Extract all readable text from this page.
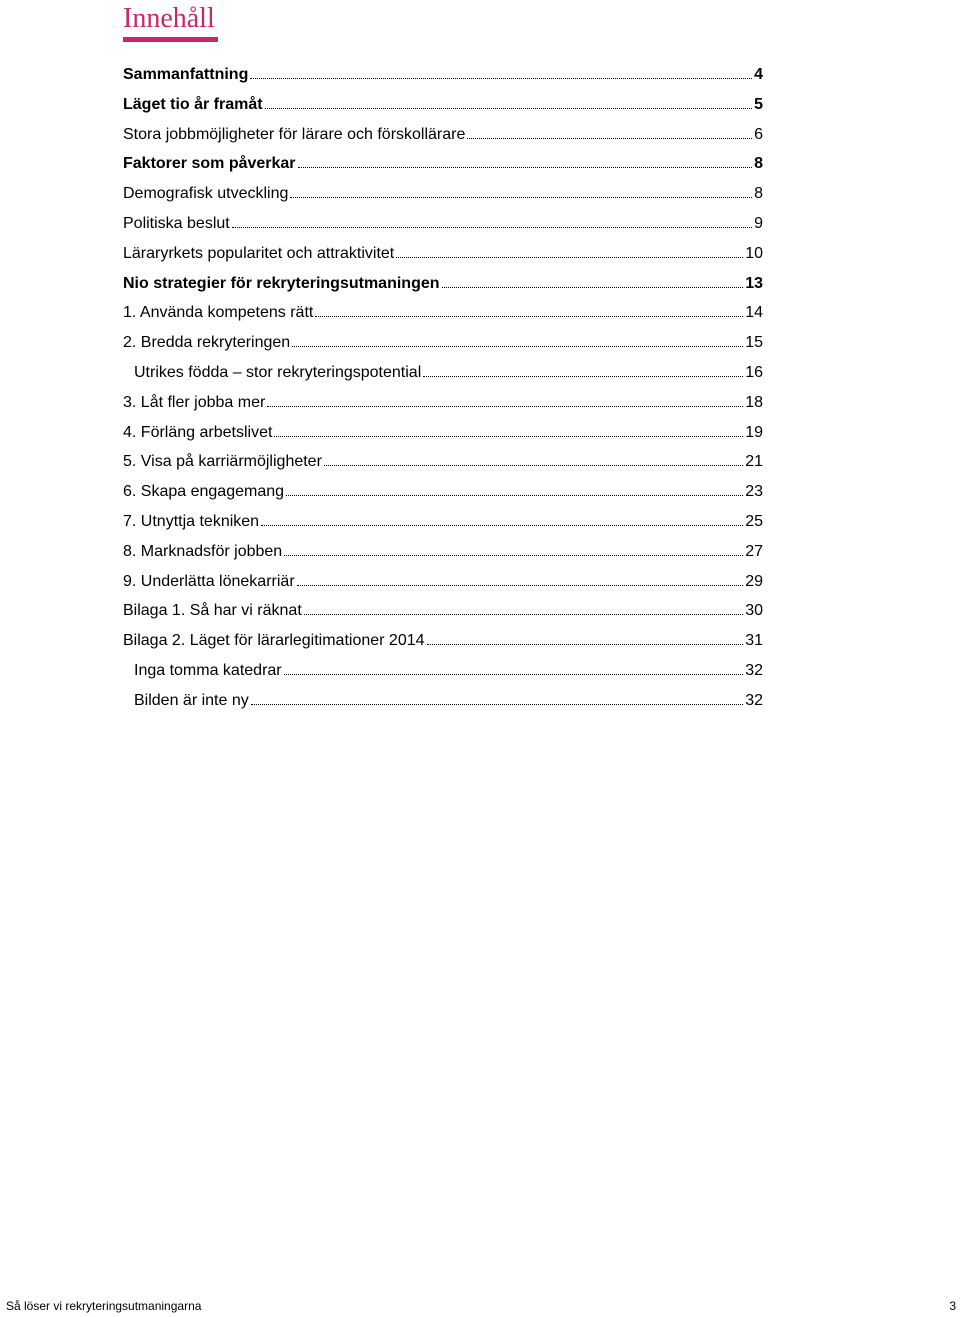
Innehåll
Sammanfattning	4
Läget tio år framåt	5
Stora jobbmöjligheter för lärare och förskollärare	6
Faktorer som påverkar	8
Demografisk utveckling	8
Politiska beslut	9
Läraryrkets popularitet och attraktivitet	10
Nio strategier för rekryteringsutmaningen	13
1. Använda kompetens rätt	14
2. Bredda rekryteringen	15
Utrikes födda – stor rekryteringspotential	16
3. Låt fler jobba mer	18
4. Förläng arbetslivet	19
5. Visa på karriärmöjligheter	21
6. Skapa engagemang	23
7. Utnyttja tekniken	25
8. Marknadsför jobben	27
9. Underlätta lönekarriär	29
Bilaga 1. Så har vi räknat	30
Bilaga 2. Läget för lärarlegitimationer 2014	31
Inga tomma katedrar	32
Bilden är inte ny	32
Så löser vi rekryteringsutmaningarna	3
